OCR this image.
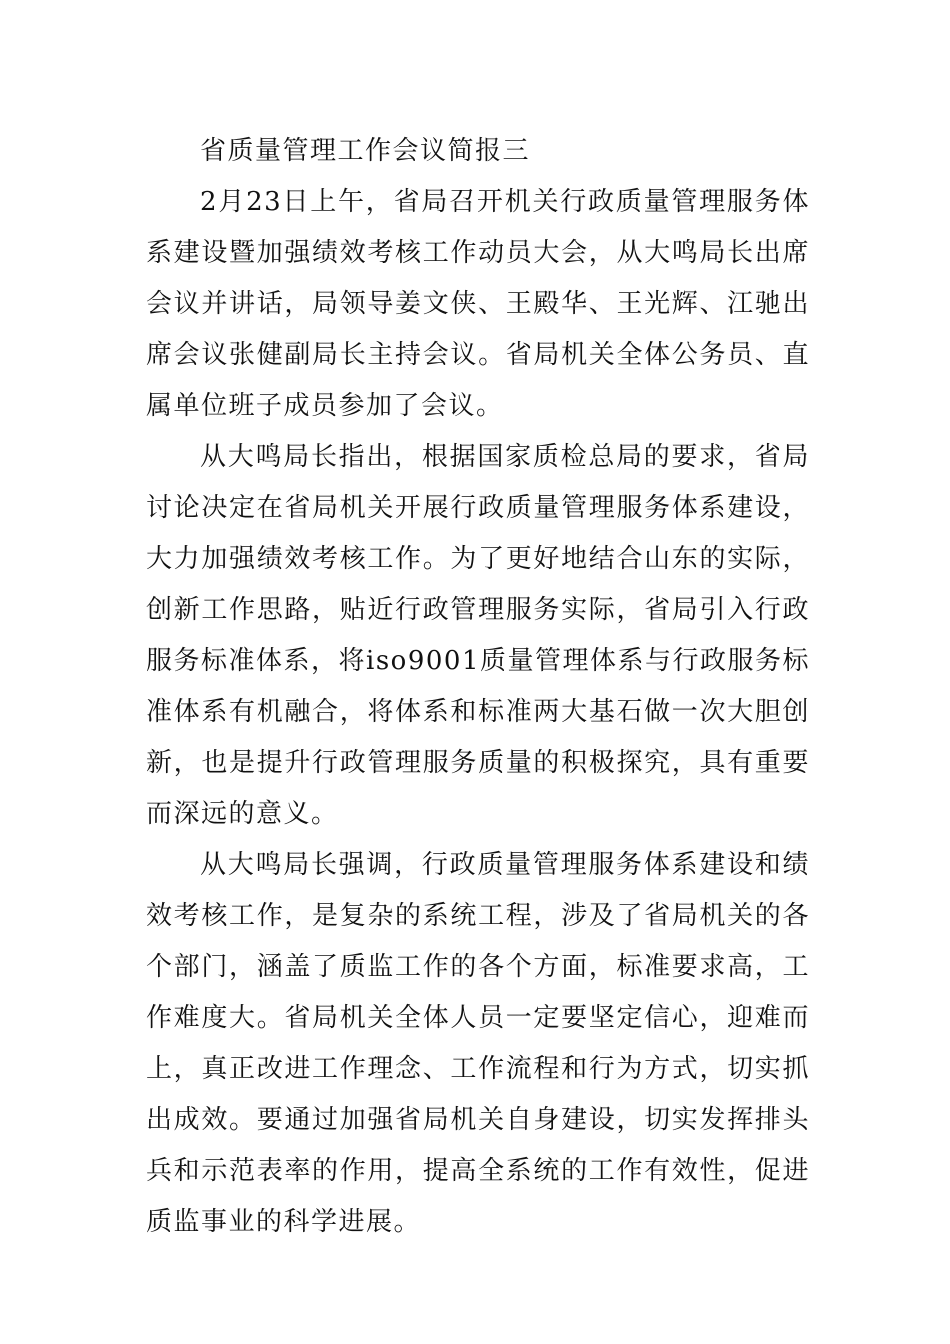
省质量管理工作会议简报三

2月23日上午，省局召开机关行政质量管理服务体系建设暨加强绩效考核工作动员大会，从大鸣局长出席会议并讲话，局领导姜文侠、王殿华、王光辉、江驰出席会议张健副局长主持会议。省局机关全体公务员、直属单位班子成员参加了会议。

从大鸣局长指出，根据国家质检总局的要求，省局讨论决定在省局机关开展行政质量管理服务体系建设，大力加强绩效考核工作。为了更好地结合山东的实际，创新工作思路，贴近行政管理服务实际，省局引入行政服务标准体系，将iso9001质量管理体系与行政服务标准体系有机融合，将体系和标准两大基石做一次大胆创新，也是提升行政管理服务质量的积极探究，具有重要而深远的意义。

从大鸣局长强调，行政质量管理服务体系建设和绩效考核工作，是复杂的系统工程，涉及了省局机关的各个部门，涵盖了质监工作的各个方面，标准要求高，工作难度大。省局机关全体人员一定要坚定信心，迎难而上，真正改进工作理念、工作流程和行为方式，切实抓出成效。要通过加强省局机关自身建设，切实发挥排头兵和示范表率的作用，提高全系统的工作有效性，促进质监事业的科学进展。
